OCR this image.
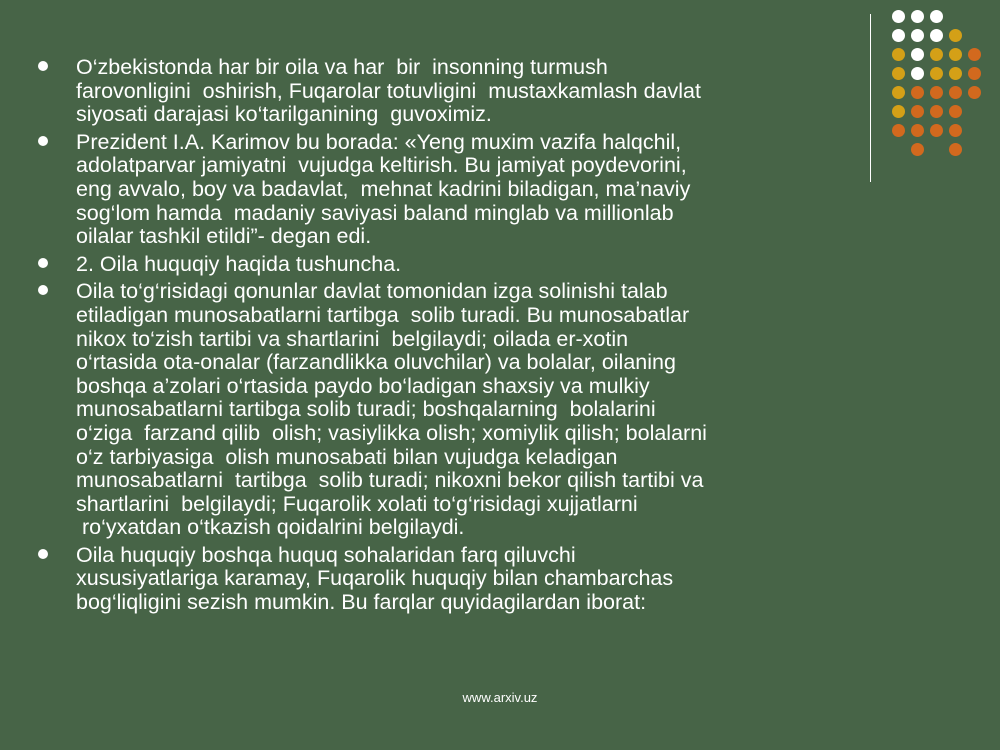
O‘zbekistonda har bir oila va har  bir  insonning turmush
farovonligini  oshirish, Fuqarolar totuvligini  mustaxkamlash davlat
siyosati darajasi ko‘tarilganining  guvoximiz.
Prezident I.A. Karimov bu borada: «Yeng muxim vazifa halqchil,
adolatparvar jamiyatni  vujudga keltirish. Bu jamiyat poydevorini,
eng avvalo, boy va badavlat,  mehnat kadrini biladigan, ma’naviy
sog‘lom hamda  madaniy saviyasi baland minglab va millionlab
oilalar tashkil etildi”- degan edi.
2. Oila huquqiy haqida tushuncha.
Oila to‘g‘risidagi qonunlar davlat tomonidan izga solinishi talab
etiladigan munosabatlarni tartibga  solib turadi. Bu munosabatlar
nikox to‘zish tartibi va shartlarini  belgilaydi; oilada er-xotin
o‘rtasida ota-onalar (farzandlikka oluvchilar) va bolalar, oilaning
boshqa a’zolari o‘rtasida paydo bo‘ladigan shaxsiy va mulkiy
munosabatlarni tartibga solib turadi; boshqalarning  bolalarini
o‘ziga  farzand qilib  olish; vasiylikka olish; xomiylik qilish; bolalarni
o‘z tarbiyasiga  olish munosabati bilan vujudga keladigan
munosabatlarni  tartibga  solib turadi; nikoxni bekor qilish tartibi va
shartlarini  belgilaydi; Fuqarolik xolati to‘g‘risidagi xujjatlarni
ro‘yxatdan o‘tkazish qoidalrini belgilaydi.
Oila huquqiy boshqa huquq sohalaridan farq qiluvchi
xususiyatlariga karamay, Fuqarolik huquqiy bilan chambarchas
bog‘liqligini sezish mumkin. Bu farqlar quyidagilardan iborat:
www.arxiv.uz
